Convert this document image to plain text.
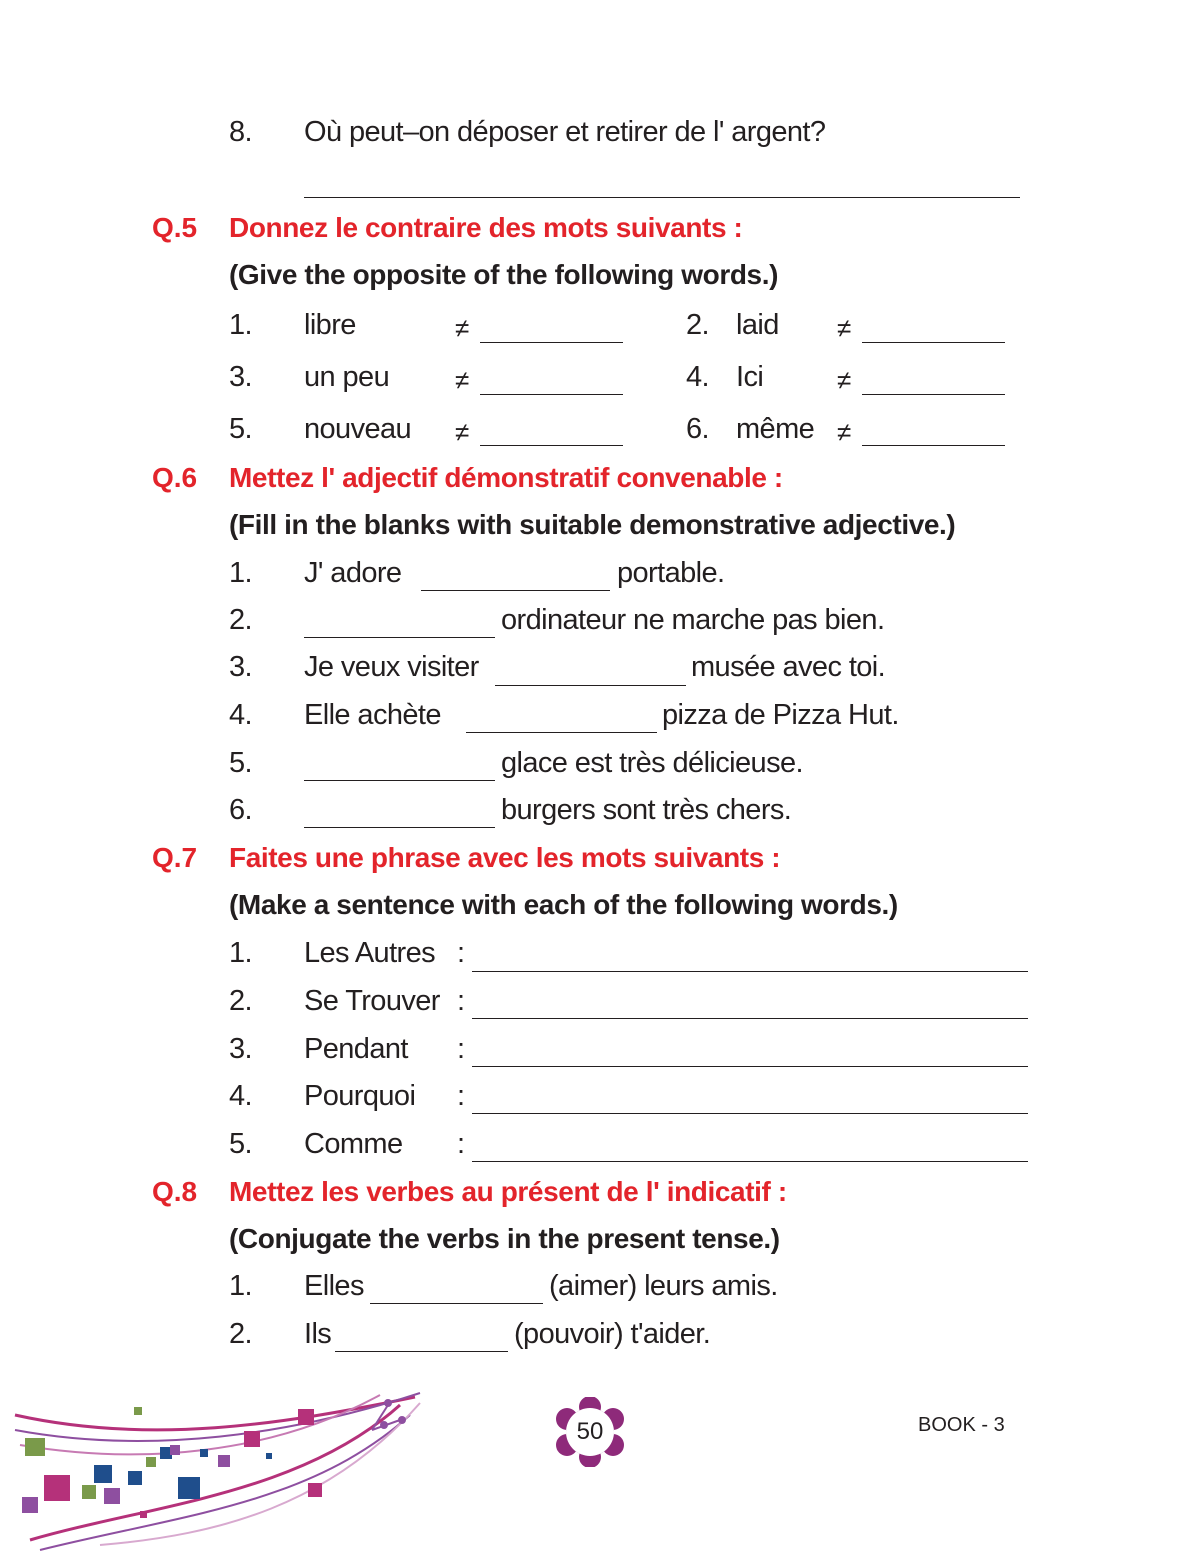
8. Où peut–on déposer et retirer de l' argent?
Q.5 Donnez le contraire des mots suivants :
(Give the opposite of the following words.)
1. libre	≠	2. laid ≠
3. un peu	≠	4. Ici	≠
5. nouveau ≠	6. même ≠
Q.6 Mettez l' adjectif démonstratif convenable :
(Fill in the blanks with suitable demonstrative adjective.)
1. J' adore	portable.
2.	ordinateur ne marche pas bien.
3. Je veux visiter	musée avec toi.
4. Elle achète	pizza de Pizza Hut.
5.	glace est très délicieuse.
6.	burgers sont très chers.
Q.7 Faites une phrase avec les mots suivants :
(Make a sentence with each of the following words.)
1. Les Autres :
2. Se Trouver :
3. Pendant :
4. Pourquoi :
5. Comme :
Q.8 Mettez les verbes au présent de l' indicatif :
(Conjugate the verbs in the present tense.)
1. Elles	(aimer) leurs amis.
2. Ils	(pouvoir) t'aider.
50	BOOK - 3
